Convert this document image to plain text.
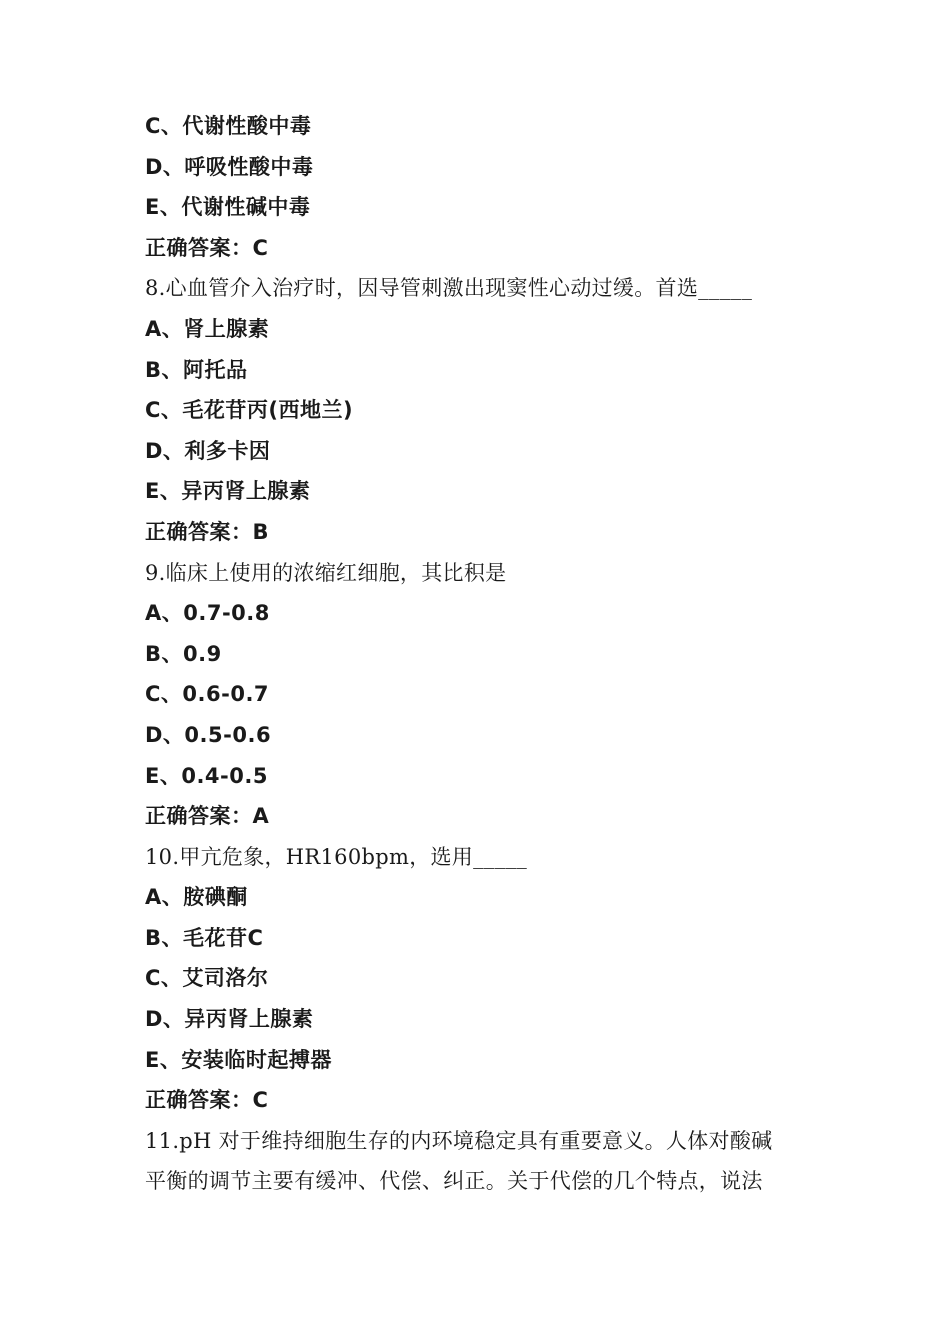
C、代谢性酸中毒
D、呼吸性酸中毒
E、代谢性碱中毒
正确答案：C
8.心血管介入治疗时，因导管刺激出现窦性心动过缓。首选_____
A、肾上腺素
B、阿托品
C、毛花苷丙(西地兰)
D、利多卡因
E、异丙肾上腺素
正确答案：B
9.临床上使用的浓缩红细胞，其比积是
A、0.7-0.8
B、0.9
C、0.6-0.7
D、0.5-0.6
E、0.4-0.5
正确答案：A
10.甲亢危象，HR160bpm，选用_____
A、胺碘酮
B、毛花苷C
C、艾司洛尔
D、异丙肾上腺素
E、安装临时起搏器
正确答案：C
11.pH 对于维持细胞生存的内环境稳定具有重要意义。人体对酸碱
平衡的调节主要有缓冲、代偿、纠正。关于代偿的几个特点，说法
